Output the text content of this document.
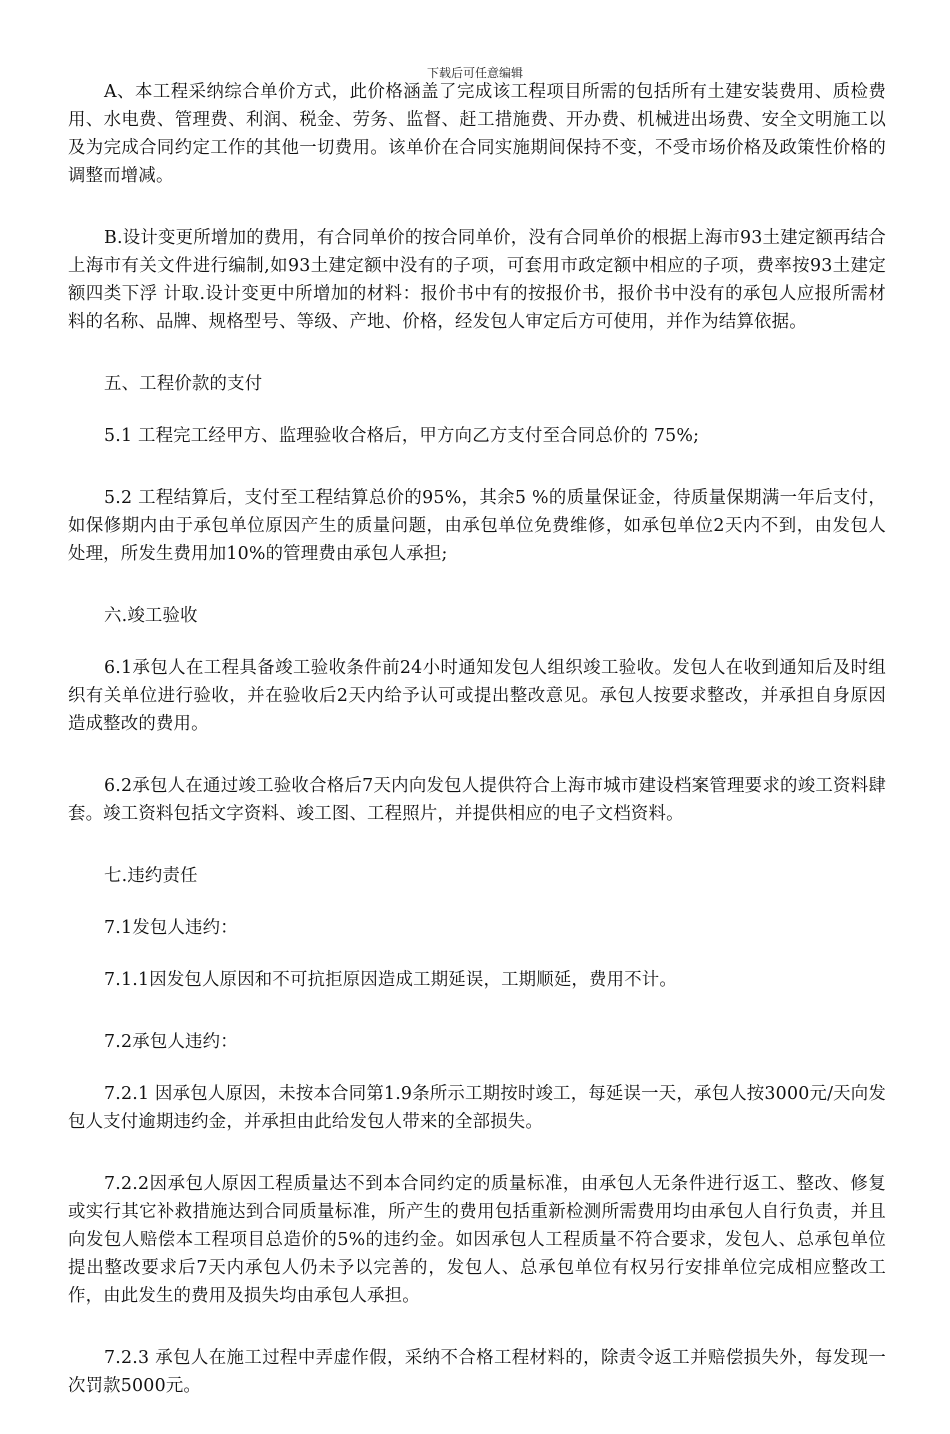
下载后可任意编辑

A、本工程采纳综合单价方式，此价格涵盖了完成该工程项目所需的包括所有土建安装费用、质检费用、水电费、管理费、利润、税金、劳务、监督、赶工措施费、开办费、机械进出场费、安全文明施工以及为完成合同约定工作的其他一切费用。该单价在合同实施期间保持不变，不受市场价格及政策性价格的调整而增减。

B.设计变更所增加的费用，有合同单价的按合同单价，没有合同单价的根据上海市93土建定额再结合上海市有关文件进行编制,如93土建定额中没有的子项，可套用市政定额中相应的子项，费率按93土建定额四类下浮 计取.设计变更中所增加的材料：报价书中有的按报价书，报价书中没有的承包人应报所需材料的名称、品牌、规格型号、等级、产地、价格，经发包人审定后方可使用，并作为结算依据。

五、工程价款的支付

5.1 工程完工经甲方、监理验收合格后，甲方向乙方支付至合同总价的 75%;

5.2 工程结算后，支付至工程结算总价的95%，其余5 %的质量保证金，待质量保期满一年后支付，如保修期内由于承包单位原因产生的质量问题，由承包单位免费维修，如承包单位2天内不到，由发包人处理，所发生费用加10%的管理费由承包人承担;

六.竣工验收

6.1承包人在工程具备竣工验收条件前24小时通知发包人组织竣工验收。发包人在收到通知后及时组织有关单位进行验收，并在验收后2天内给予认可或提出整改意见。承包人按要求整改，并承担自身原因造成整改的费用。

6.2承包人在通过竣工验收合格后7天内向发包人提供符合上海市城市建设档案管理要求的竣工资料肆套。竣工资料包括文字资料、竣工图、工程照片，并提供相应的电子文档资料。

七.违约责任

7.1发包人违约：

7.1.1因发包人原因和不可抗拒原因造成工期延误，工期顺延，费用不计。

7.2承包人违约：

7.2.1 因承包人原因，未按本合同第1.9条所示工期按时竣工，每延误一天，承包人按3000元/天向发包人支付逾期违约金，并承担由此给发包人带来的全部损失。

7.2.2因承包人原因工程质量达不到本合同约定的质量标准，由承包人无条件进行返工、整改、修复或实行其它补救措施达到合同质量标准，所产生的费用包括重新检测所需费用均由承包人自行负责，并且向发包人赔偿本工程项目总造价的5%的违约金。如因承包人工程质量不符合要求，发包人、总承包单位提出整改要求后7天内承包人仍未予以完善的，发包人、总承包单位有权另行安排单位完成相应整改工作，由此发生的费用及损失均由承包人承担。

7.2.3 承包人在施工过程中弄虚作假，采纳不合格工程材料的，除责令返工并赔偿损失外，每发现一次罚款5000元。
